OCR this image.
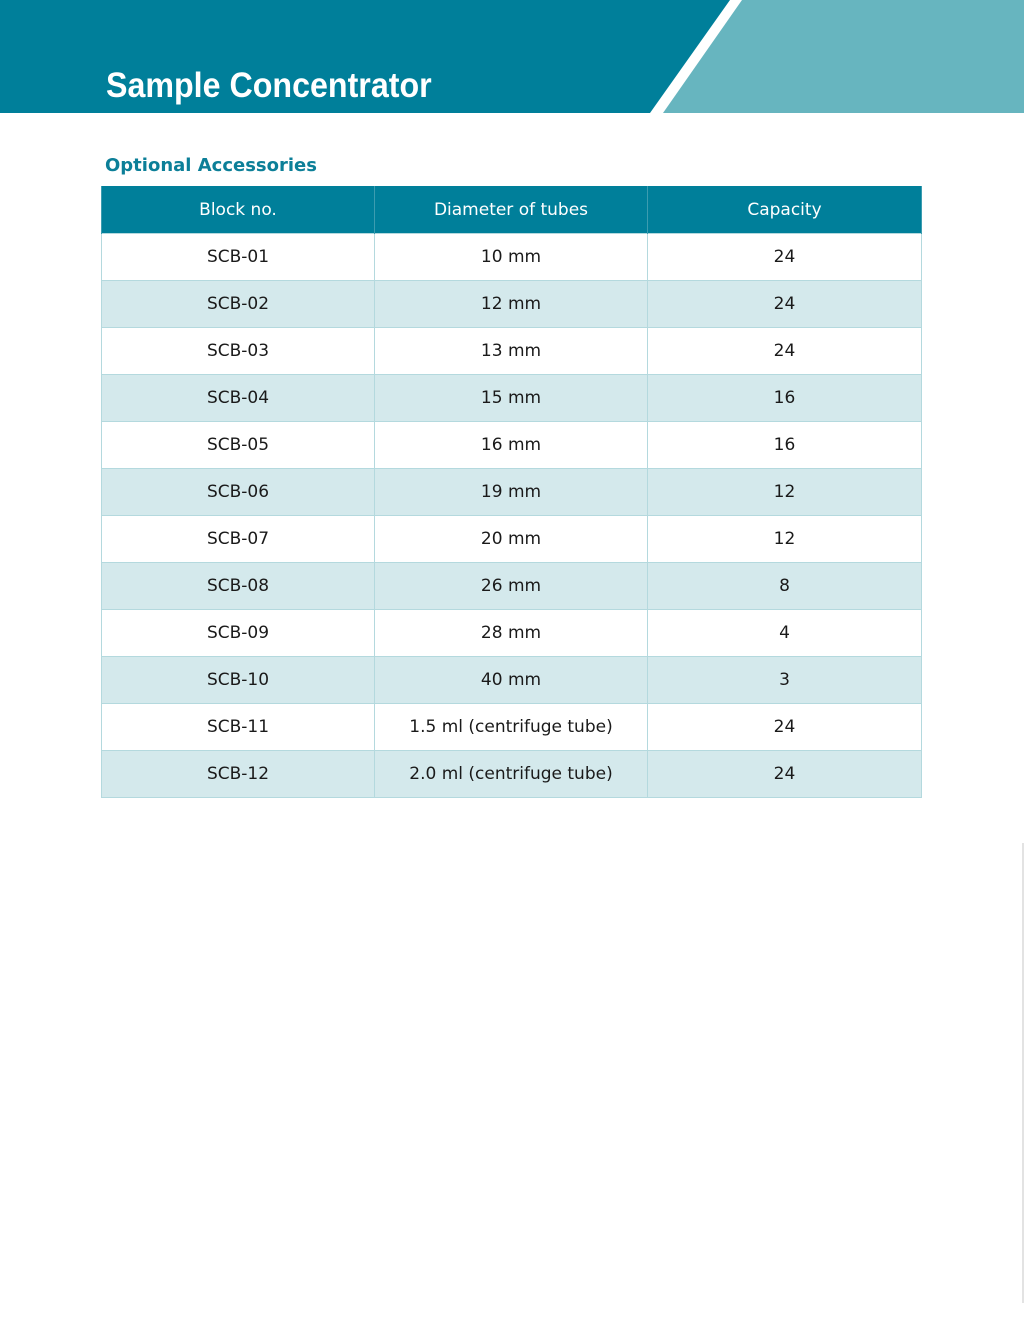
Sample Concentrator
Optional Accessories
Block no.	Diameter of tubes	Capacity
SCB-01	10 mm	24
SCB-02	12 mm	24
SCB-03	13 mm	24
SCB-04	15 mm	16
SCB-05	16 mm	16
SCB-06	19 mm	12
SCB-07	20 mm	12
SCB-08	26 mm	8
SCB-09	28 mm	4
SCB-10	40 mm	3
SCB-11	1.5 ml (centrifuge tube)	24
SCB-12	2.0 ml (centrifuge tube)	24
